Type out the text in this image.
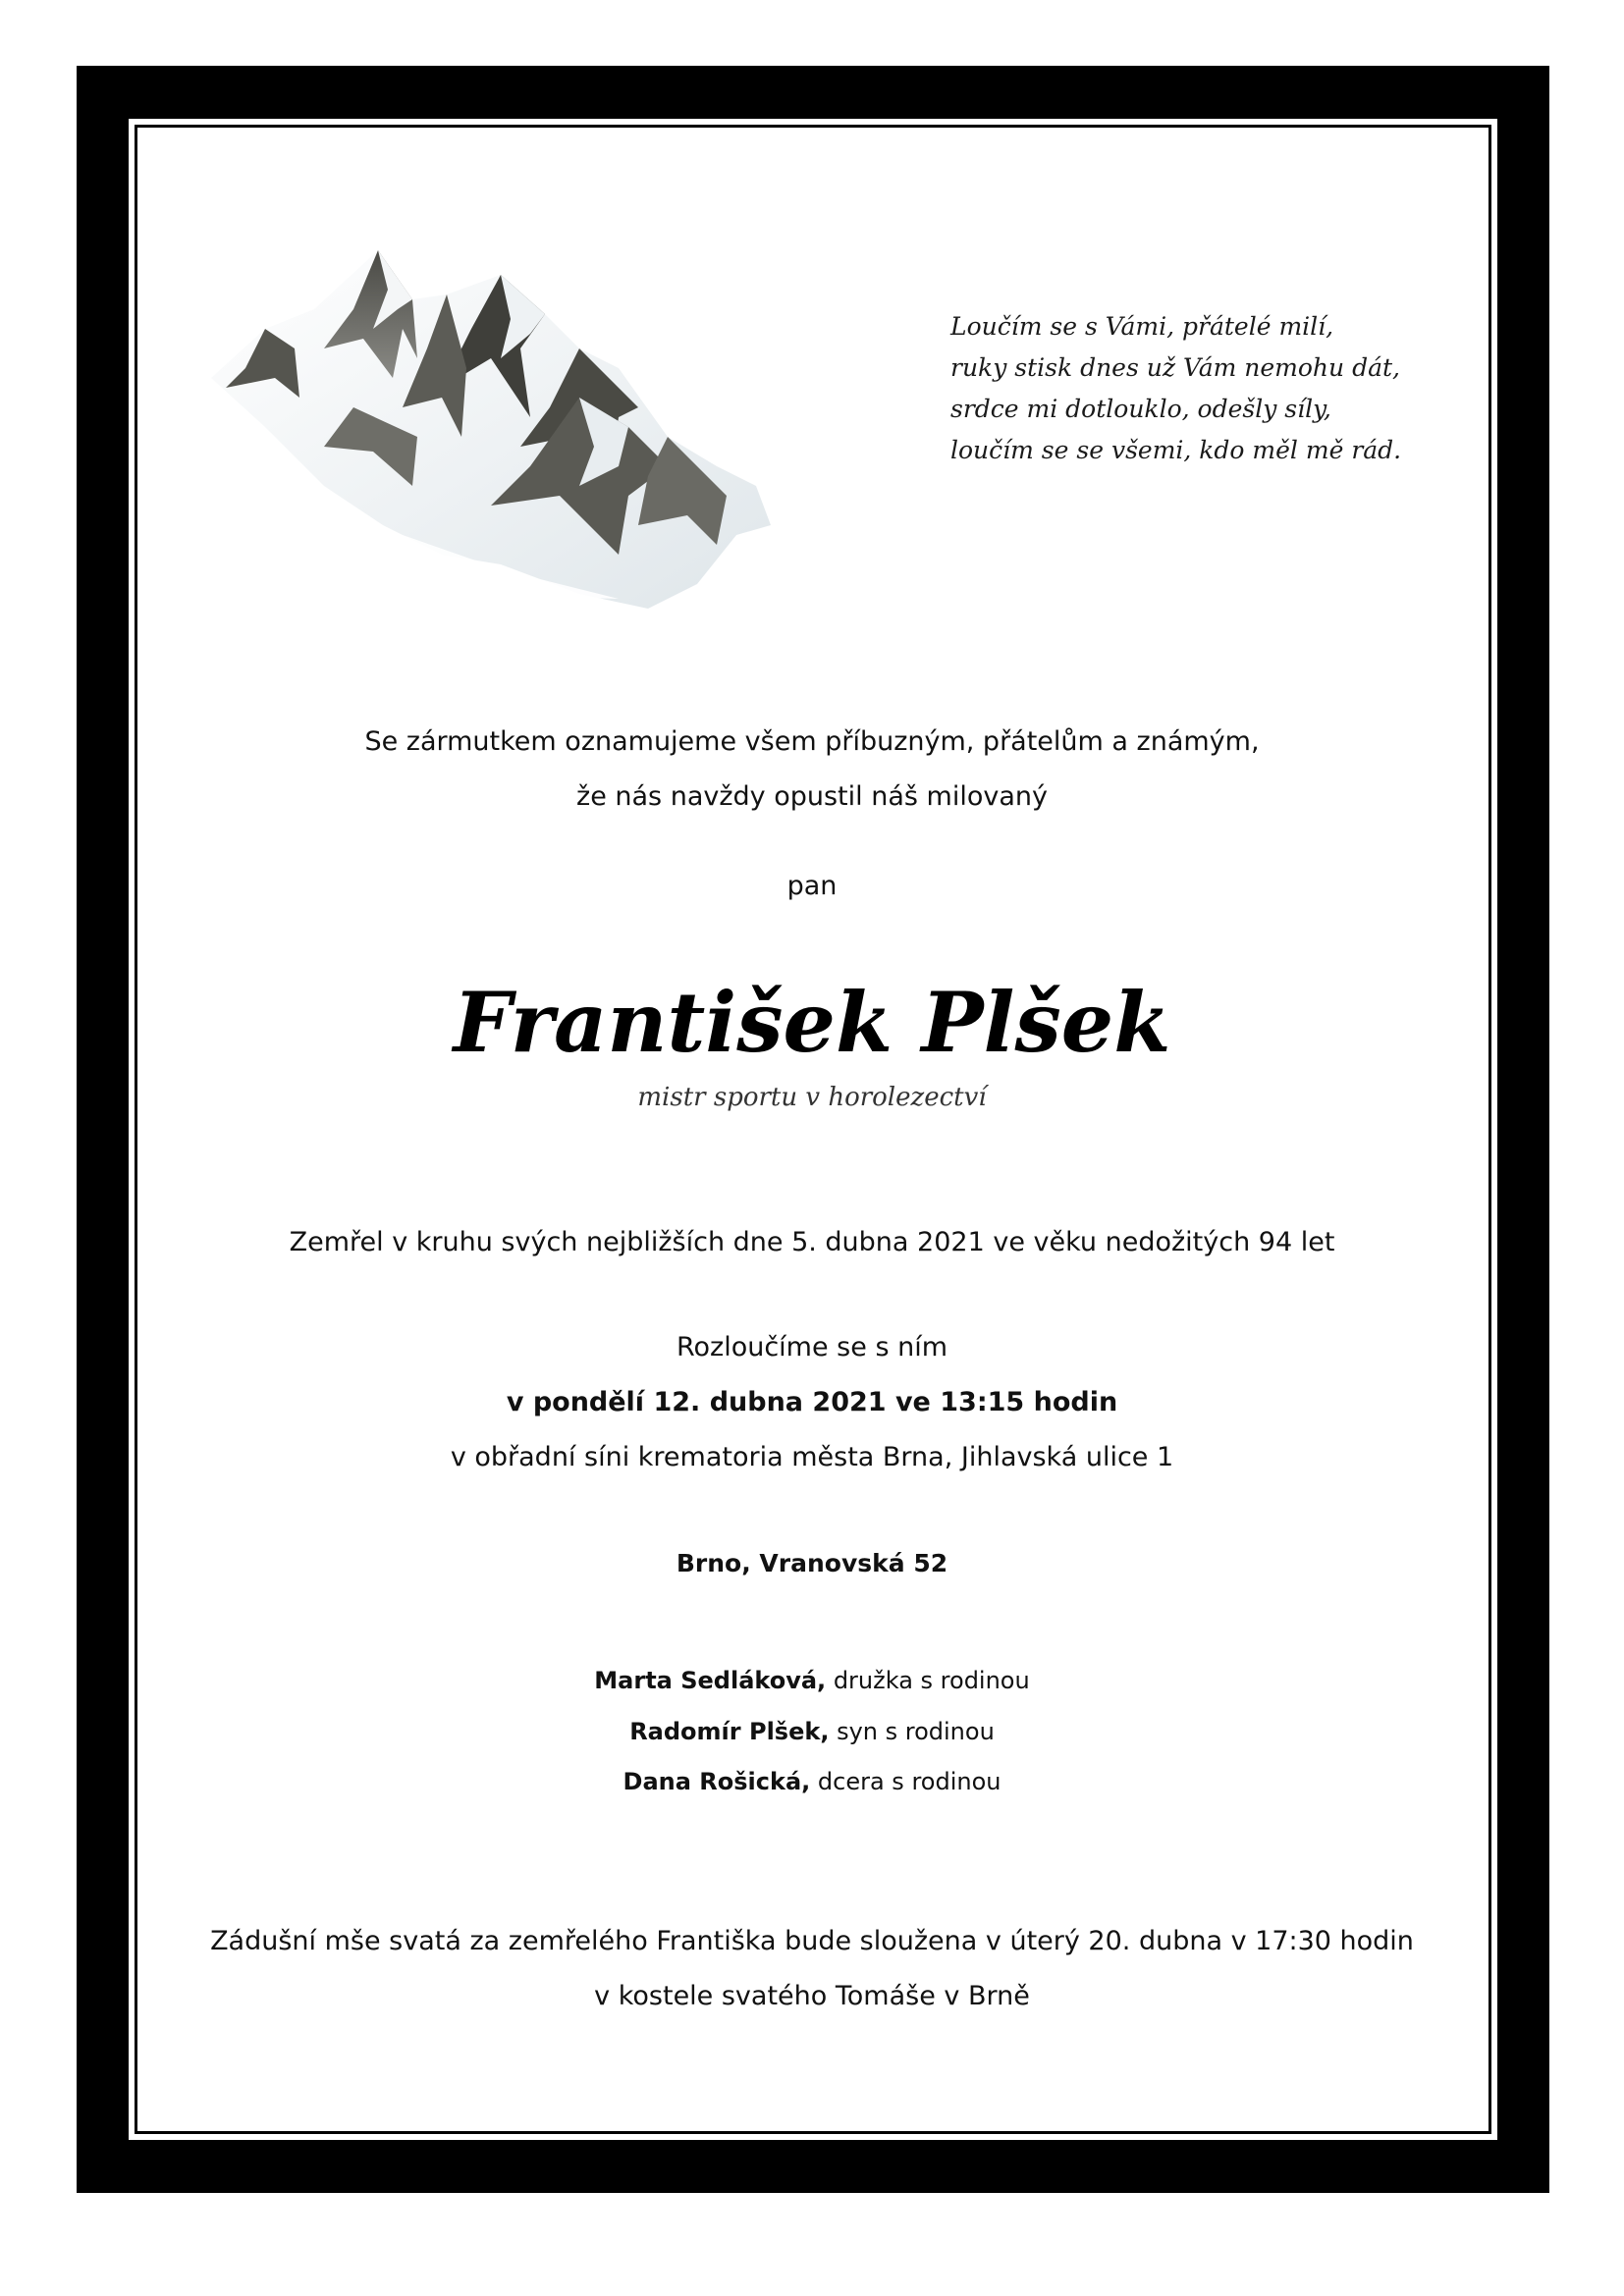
Loučím se s Vámi, přátelé milí,
ruky stisk dnes už Vám nemohu dát,
srdce mi dotlouklo, odešly síly,
loučím se se všemi, kdo měl mě rád.
Se zármutkem oznamujeme všem příbuzným, přátelům a známým,
že nás navždy opustil náš milovaný
pan
František Plšek
mistr sportu v horolezectví
Zemřel v kruhu svých nejbližších dne 5. dubna 2021 ve věku nedožitých 94 let
Rozloučíme se s ním
v pondělí 12. dubna 2021 ve 13:15 hodin
v obřadní síni krematoria města Brna, Jihlavská ulice 1
Brno, Vranovská 52
Marta Sedláková, družka s rodinou
Radomír Plšek, syn s rodinou
Dana Rošická, dcera s rodinou
Zádušní mše svatá za zemřelého Františka bude sloužena v úterý 20. dubna v 17:30 hodin
v kostele svatého Tomáše v Brně
